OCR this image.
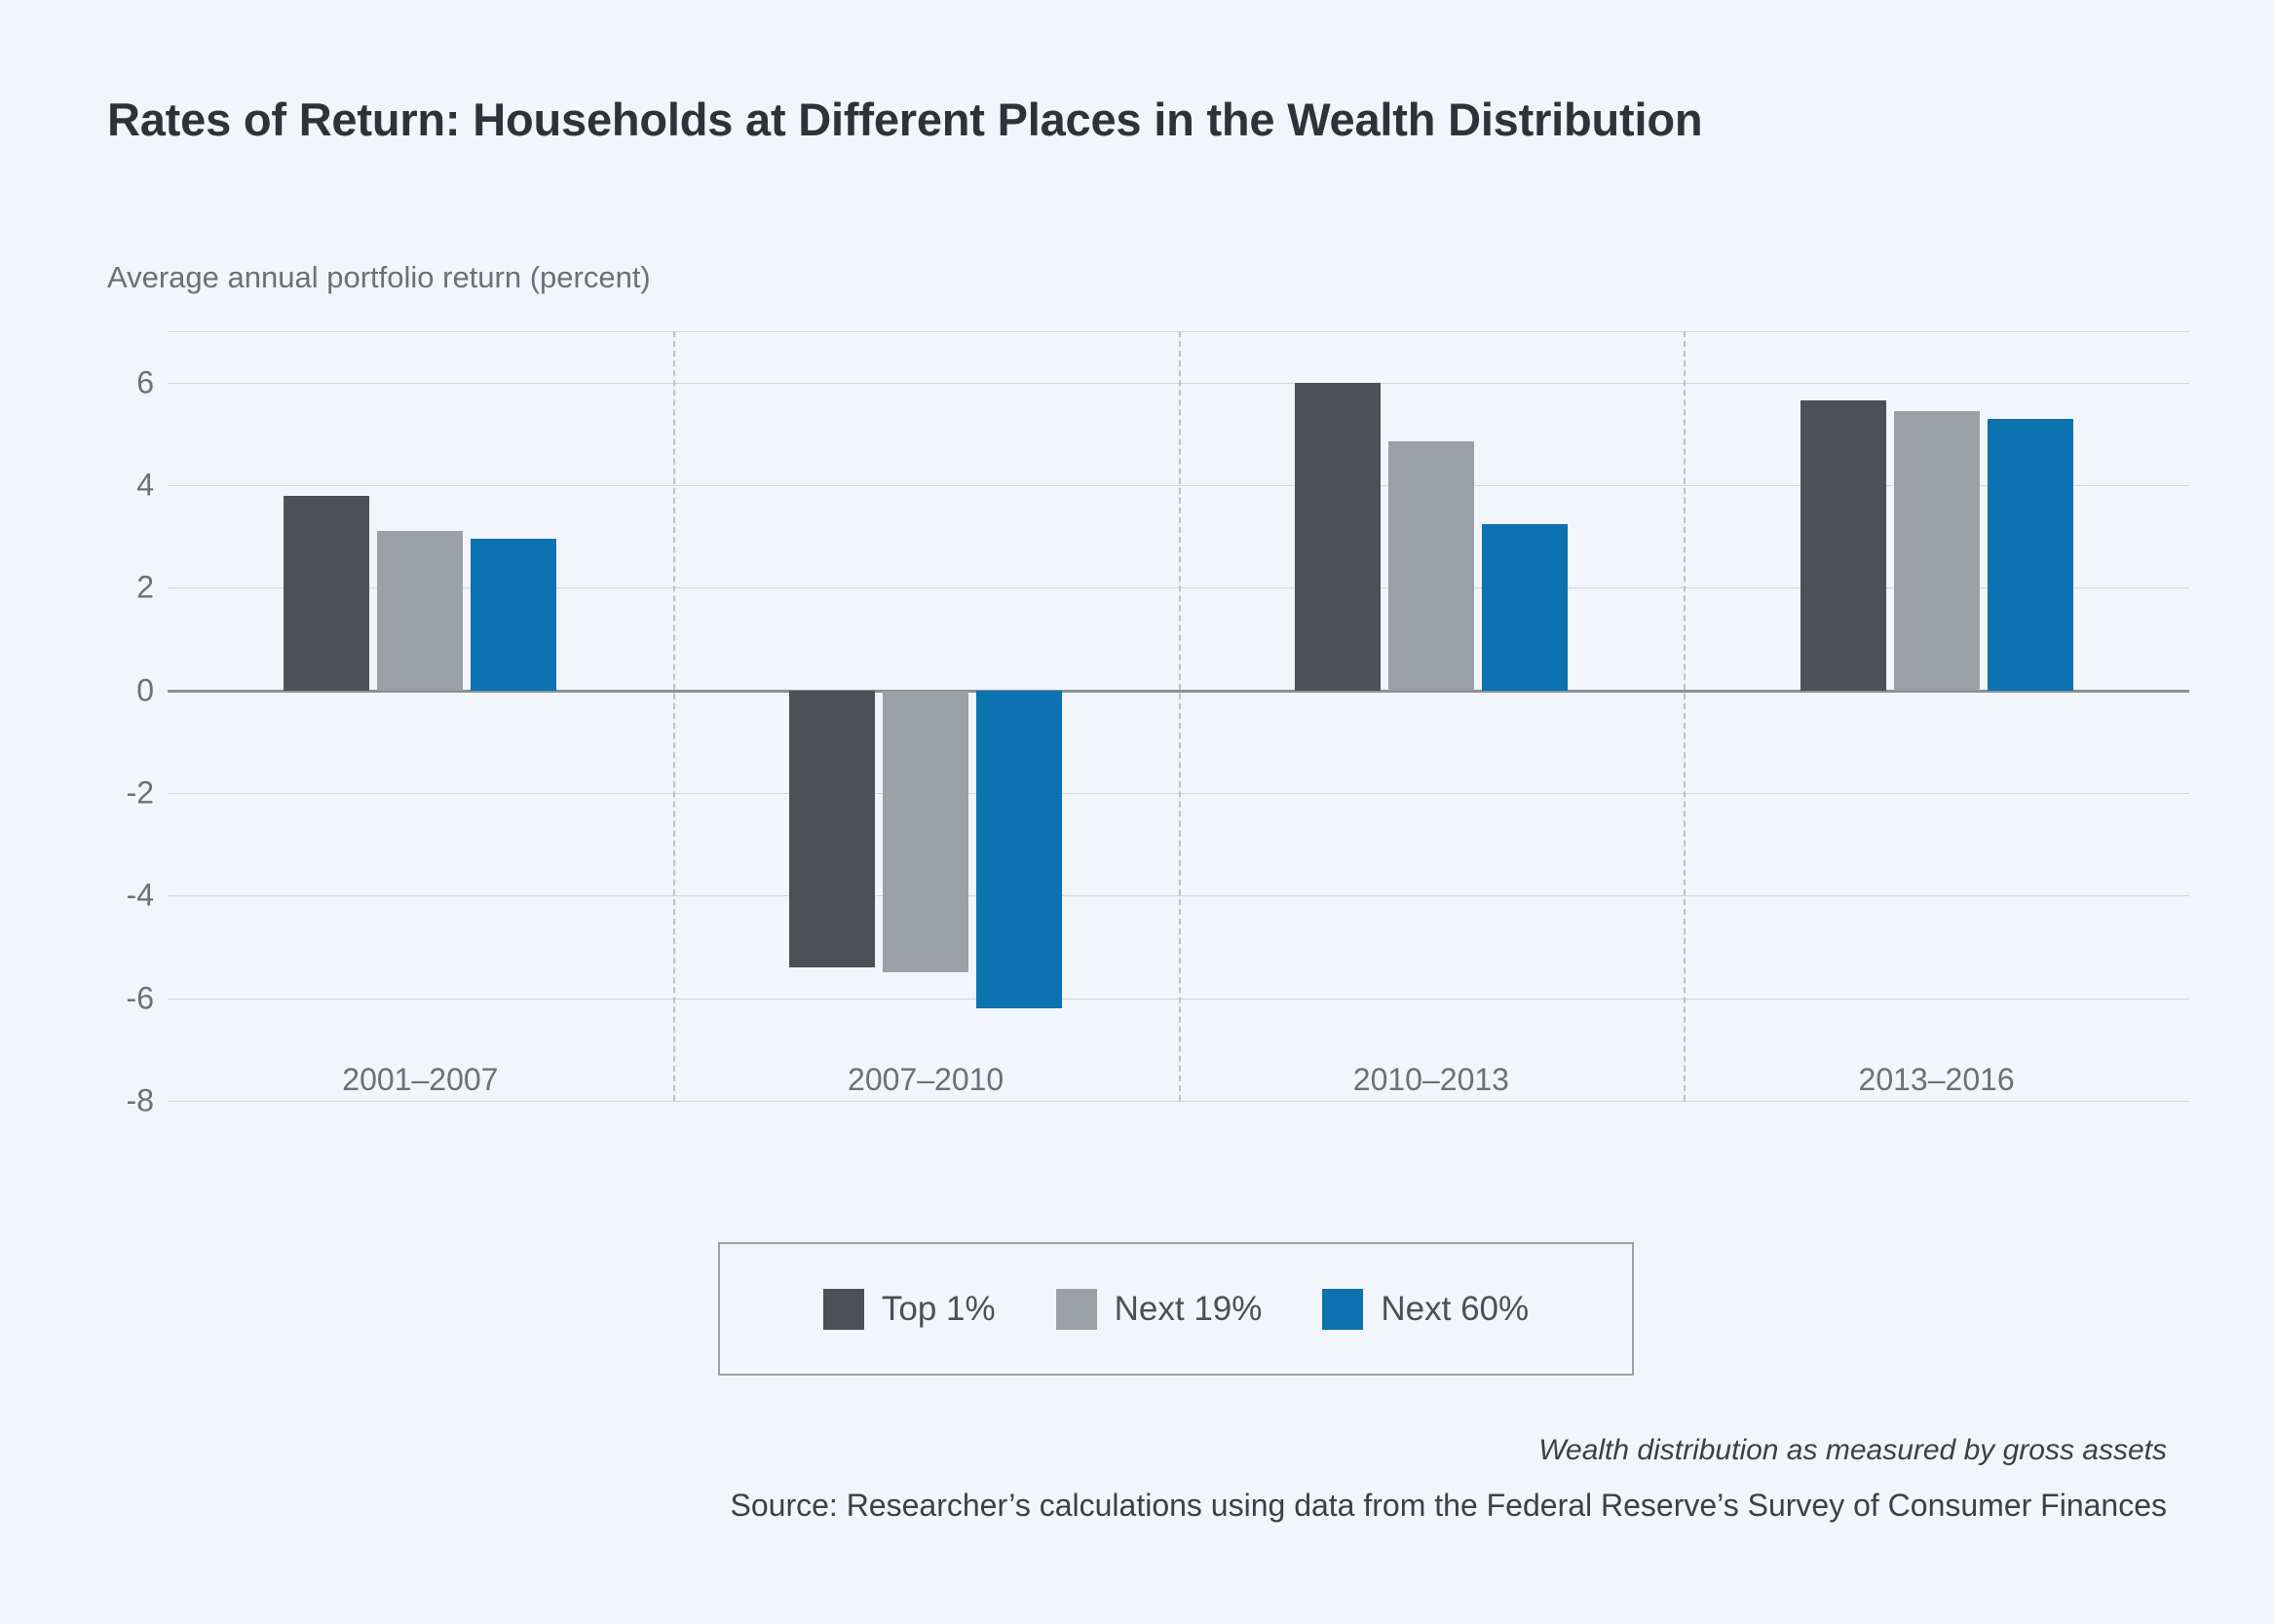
Rates of Return: Households at Different Places in the Wealth Distribution
Average annual portfolio return (percent)
6
4
2
0
-2
-4
-6
-8
2001–2007	2007–2010	2010–2013	2013–2016
Top 1%	Next 19%	Next 60%
Wealth distribution as measured by gross assets
Source: Researcher’s calculations using data from the Federal Reserve’s Survey of Consumer Finances
